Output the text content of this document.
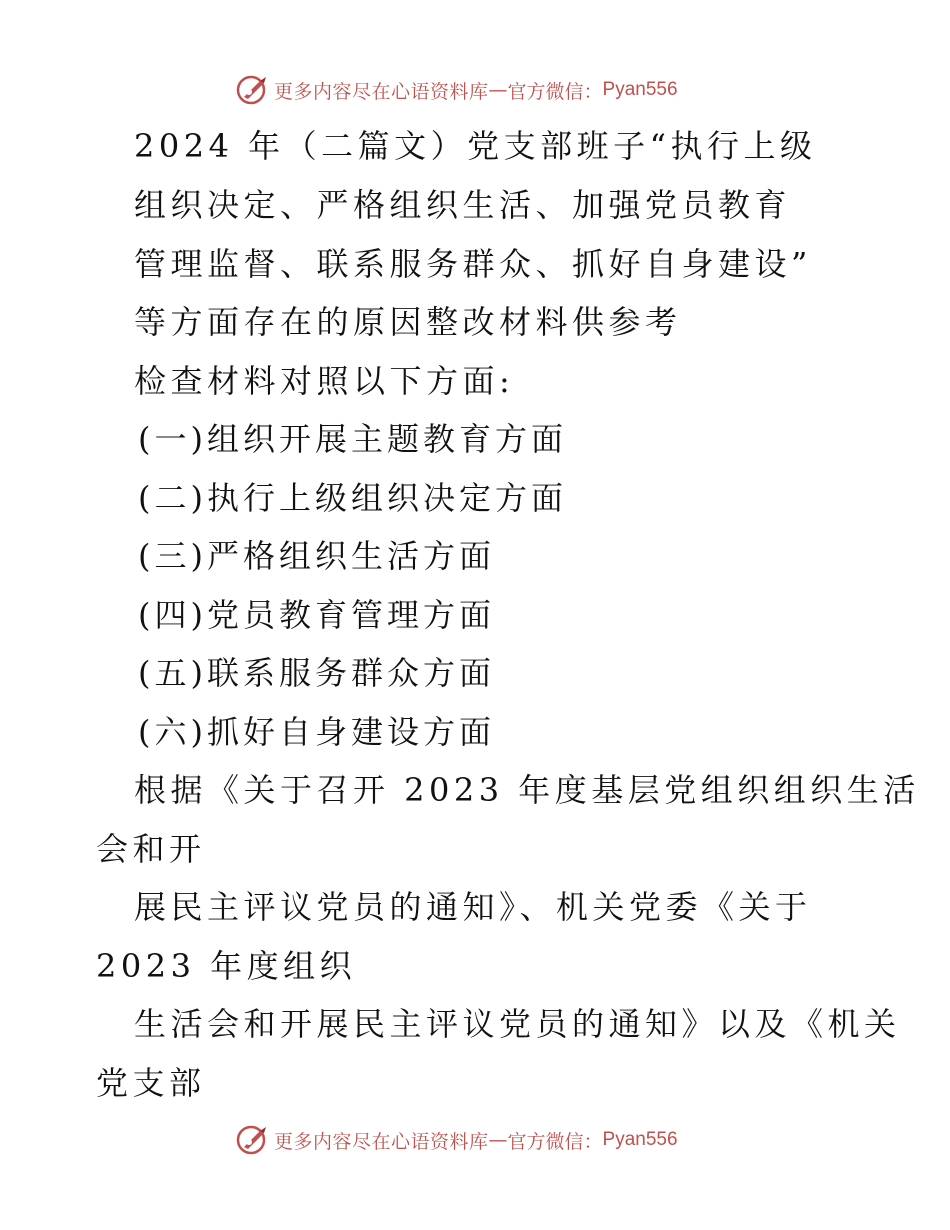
更多内容尽在心语资料库 — 官方微信： Pyan556
2024 年（二篇文）党支部班子“执行上级
组织决定、严格组织生活、加强党员教育
管理监督、联系服务群众、抓好自身建设”
等方面存在的原因整改材料供参考
检查材料对照以下方面:
(一)组织开展主题教育方面
(二)执行上级组织决定方面
(三)严格组织生活方面
(四)党员教育管理方面
(五)联系服务群众方面
(六)抓好自身建设方面
根据《关于召开 2023 年度基层党组织组织生活
会和开
展民主评议党员的通知》、机关党委《关于
2023 年度组织
生活会和开展民主评议党员的通知》以及《机关
党支部
更多内容尽在心语资料库 — 官方微信： Pyan556
